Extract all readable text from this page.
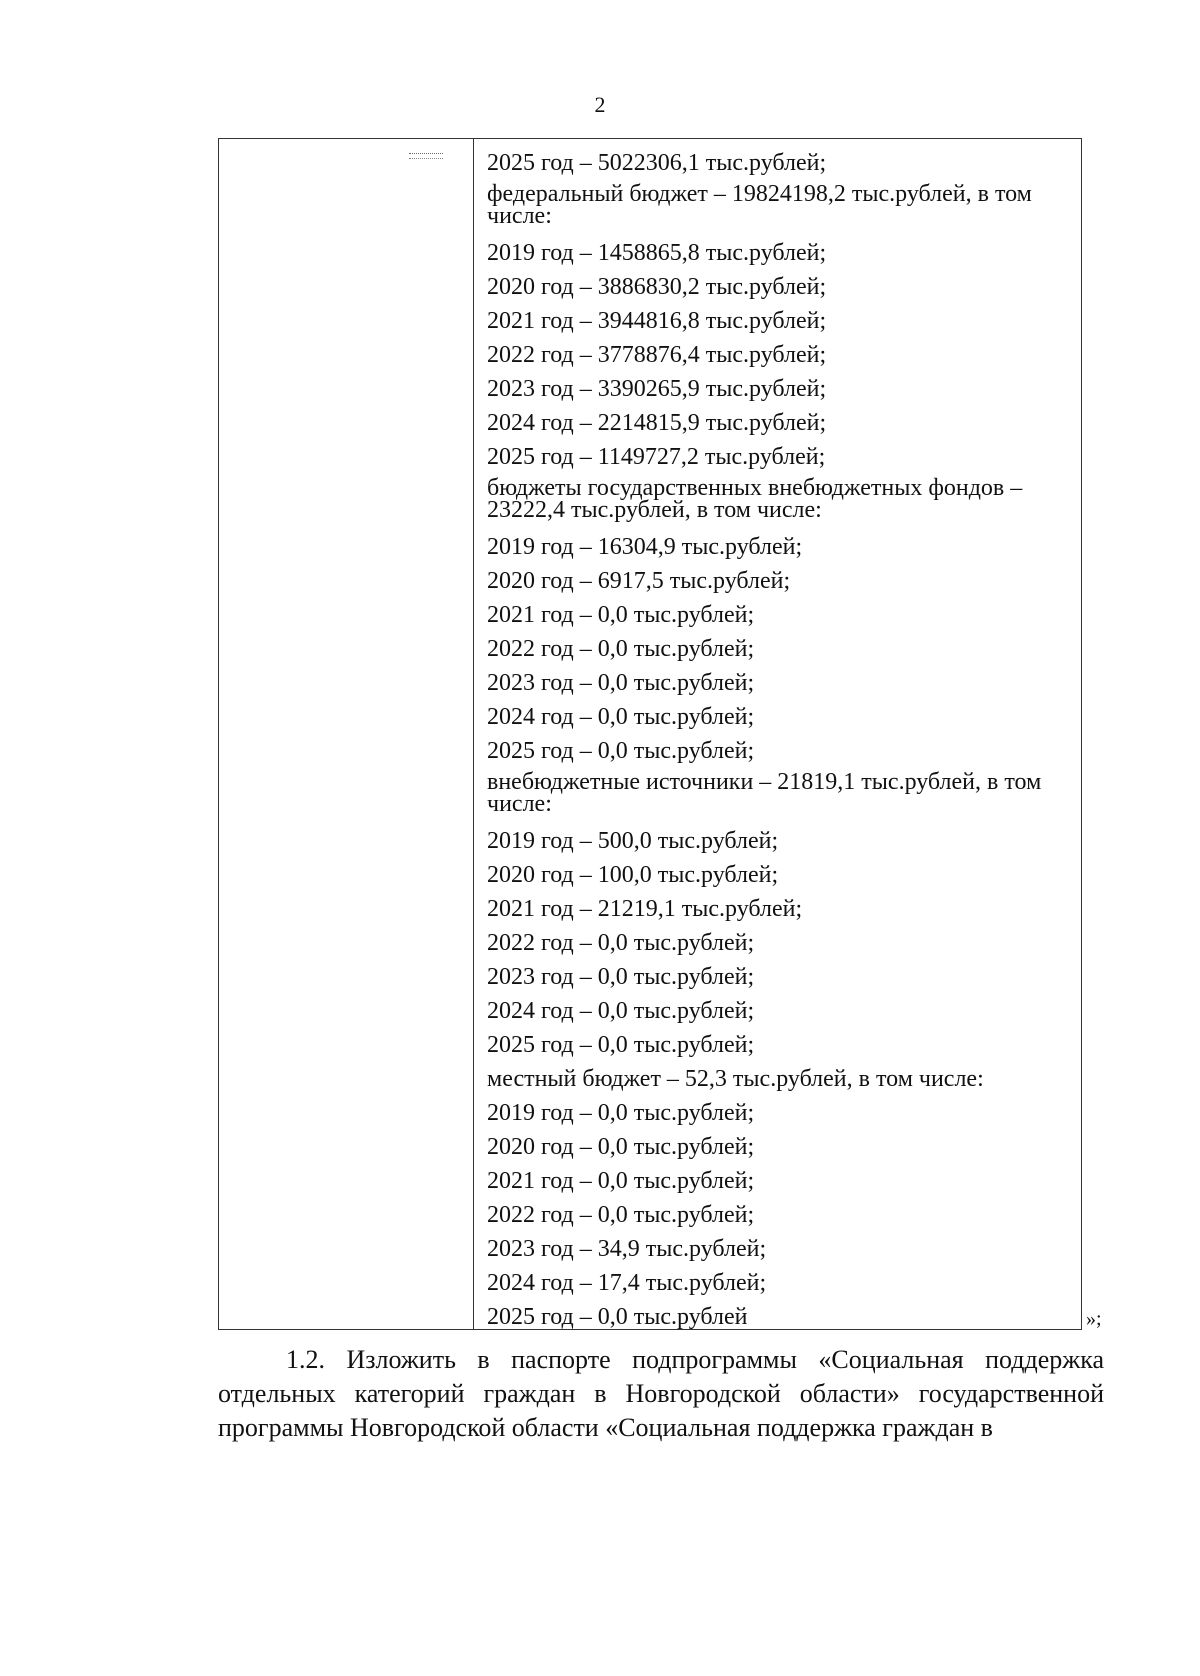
2
2025 год – 5022306,1 тыс.рублей;
федеральный бюджет – 19824198,2 тыс.рублей, в том числе:
2019 год – 1458865,8 тыс.рублей;
2020 год – 3886830,2 тыс.рублей;
2021 год – 3944816,8 тыс.рублей;
2022 год – 3778876,4 тыс.рублей;
2023 год – 3390265,9 тыс.рублей;
2024 год – 2214815,9 тыс.рублей;
2025 год – 1149727,2 тыс.рублей;
бюджеты государственных внебюджетных фондов – 23222,4 тыс.рублей, в том числе:
2019 год – 16304,9 тыс.рублей;
2020 год – 6917,5 тыс.рублей;
2021 год – 0,0 тыс.рублей;
2022 год – 0,0 тыс.рублей;
2023 год – 0,0 тыс.рублей;
2024 год – 0,0 тыс.рублей;
2025 год – 0,0 тыс.рублей;
внебюджетные источники – 21819,1 тыс.рублей, в том числе:
2019 год – 500,0 тыс.рублей;
2020 год – 100,0 тыс.рублей;
2021 год – 21219,1 тыс.рублей;
2022 год – 0,0 тыс.рублей;
2023 год – 0,0 тыс.рублей;
2024 год – 0,0 тыс.рублей;
2025 год – 0,0 тыс.рублей;
местный бюджет – 52,3 тыс.рублей, в том числе:
2019 год – 0,0 тыс.рублей;
2020 год – 0,0 тыс.рублей;
2021 год – 0,0 тыс.рублей;
2022 год – 0,0 тыс.рублей;
2023 год – 34,9 тыс.рублей;
2024 год – 17,4 тыс.рублей;
2025 год – 0,0 тыс.рублей	»;
1.2. Изложить в паспорте подпрограммы «Социальная поддержка отдельных категорий граждан в Новгородской области» государственной программы Новгородской области «Социальная поддержка граждан в
